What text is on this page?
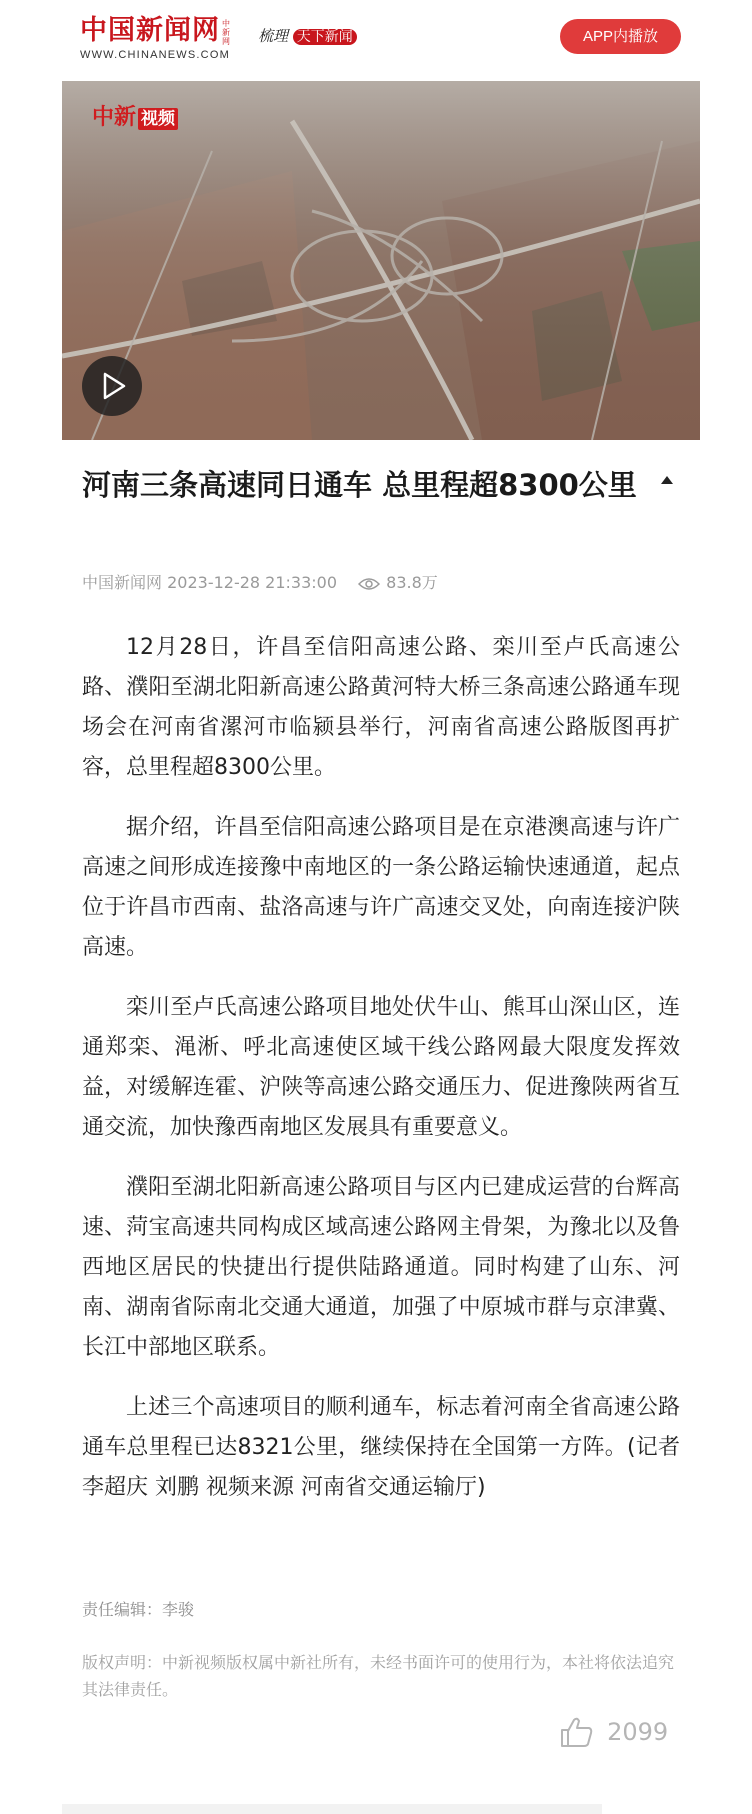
中国新闻网 中新网
WWW.CHINANEWS.COM
梳理 天下新闻	APP内播放
中新 视频
河南三条高速同日通车 总里程超8300公里
中国新闻网 2023-12-28 21:33:00	83.8万

12月28日，许昌至信阳高速公路、栾川至卢氏高速公路、濮阳至湖北阳新高速公路黄河特大桥三条高速公路通车现场会在河南省漯河市临颍县举行，河南省高速公路版图再扩容，总里程超8300公里。

据介绍，许昌至信阳高速公路项目是在京港澳高速与许广高速之间形成连接豫中南地区的一条公路运输快速通道，起点位于许昌市西南、盐洛高速与许广高速交叉处，向南连接沪陕高速。

栾川至卢氏高速公路项目地处伏牛山、熊耳山深山区，连通郑栾、渑淅、呼北高速使区域干线公路网最大限度发挥效益，对缓解连霍、沪陕等高速公路交通压力、促进豫陕两省互通交流，加快豫西南地区发展具有重要意义。

濮阳至湖北阳新高速公路项目与区内已建成运营的台辉高速、菏宝高速共同构成区域高速公路网主骨架，为豫北以及鲁西地区居民的快捷出行提供陆路通道。同时构建了山东、河南、湖南省际南北交通大通道，加强了中原城市群与京津冀、长江中部地区联系。

上述三个高速项目的顺利通车，标志着河南全省高速公路通车总里程已达8321公里，继续保持在全国第一方阵。(记者 李超庆 刘鹏 视频来源 河南省交通运输厅)

责任编辑：李骏
版权声明：中新视频版权属中新社所有，未经书面许可的使用行为，本社将依法追究其法律责任。
2099
